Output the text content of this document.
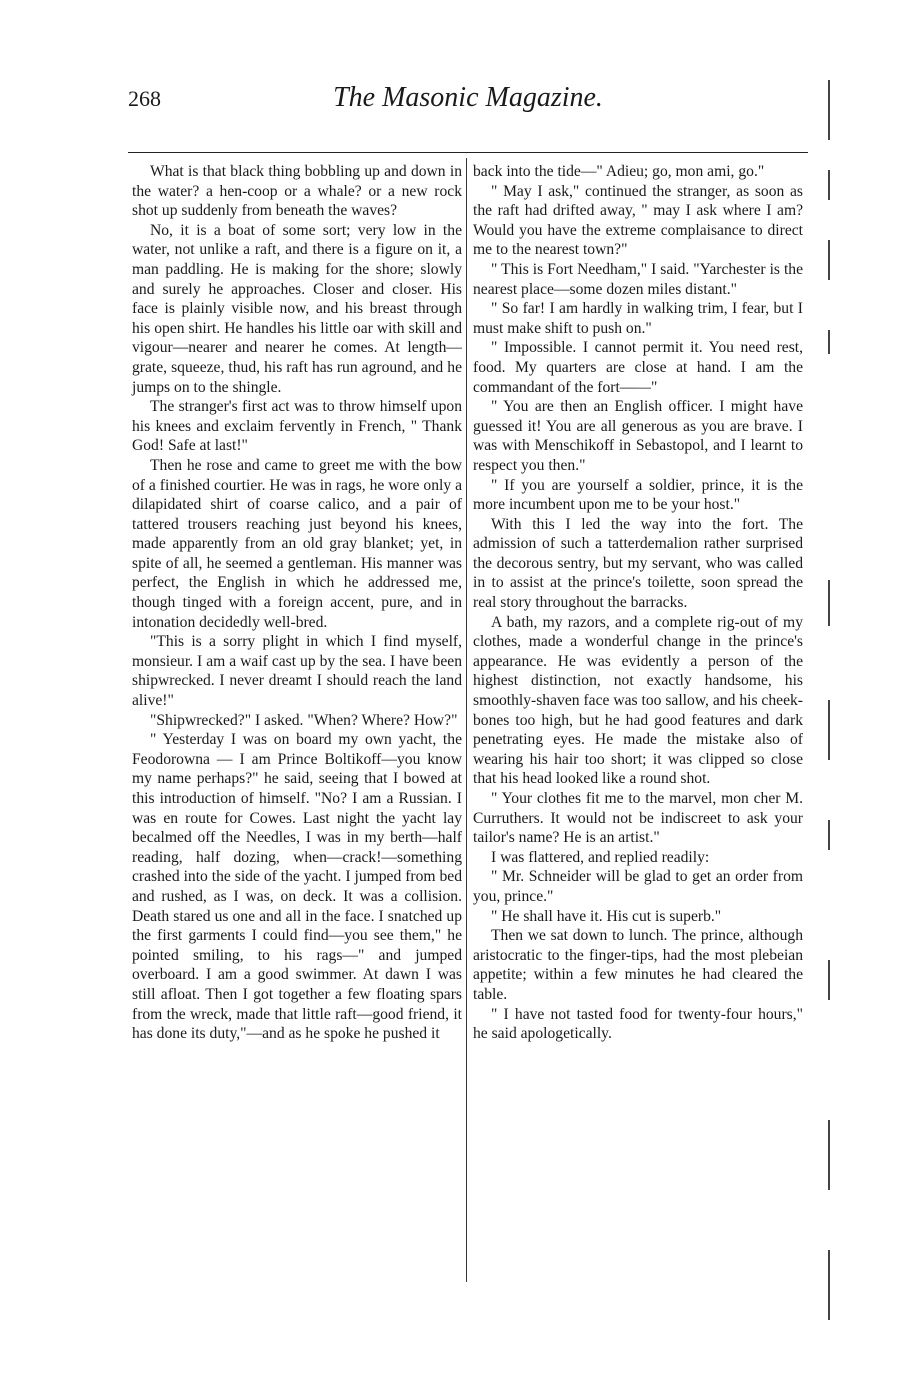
268	The Masonic Magazine.

What is that black thing bobbling up and down in the water? a hen-coop or a whale? or a new rock shot up suddenly from beneath the waves?

No, it is a boat of some sort; very low in the water, not unlike a raft, and there is a figure on it, a man paddling. He is making for the shore; slowly and surely he approaches. Closer and closer. His face is plainly visible now, and his breast through his open shirt. He handles his little oar with skill and vigour—nearer and nearer he comes. At length—grate, squeeze, thud, his raft has run aground, and he jumps on to the shingle.

The stranger's first act was to throw himself upon his knees and exclaim fervently in French, " Thank God! Safe at last!"

Then he rose and came to greet me with the bow of a finished courtier. He was in rags, he wore only a dilapidated shirt of coarse calico, and a pair of tattered trousers reaching just beyond his knees, made apparently from an old gray blanket; yet, in spite of all, he seemed a gentleman. His manner was perfect, the English in which he addressed me, though tinged with a foreign accent, pure, and in intonation decidedly well-bred.

"This is a sorry plight in which I find myself, monsieur. I am a waif cast up by the sea. I have been shipwrecked. I never dreamt I should reach the land alive!"

"Shipwrecked?" I asked. "When? Where? How?"

" Yesterday I was on board my own yacht, the Feodorowna — I am Prince Boltikoff—you know my name perhaps?" he said, seeing that I bowed at this introduction of himself. "No? I am a Russian. I was en route for Cowes. Last night the yacht lay becalmed off the Needles, I was in my berth—half reading, half dozing, when—crack!—something crashed into the side of the yacht. I jumped from bed and rushed, as I was, on deck. It was a collision. Death stared us one and all in the face. I snatched up the first garments I could find—you see them," he pointed smiling, to his rags—" and jumped overboard. I am a good swimmer. At dawn I was still afloat. Then I got together a few floating spars from the wreck, made that little raft—good friend, it has done its duty,"—and as he spoke he pushed it

back into the tide—" Adieu; go, mon ami, go."

" May I ask," continued the stranger, as soon as the raft had drifted away, " may I ask where I am? Would you have the extreme complaisance to direct me to the nearest town?"

" This is Fort Needham," I said. "Yarchester is the nearest place—some dozen miles distant."

" So far! I am hardly in walking trim, I fear, but I must make shift to push on."

" Impossible. I cannot permit it. You need rest, food. My quarters are close at hand. I am the commandant of the fort——"

" You are then an English officer. I might have guessed it! You are all generous as you are brave. I was with Menschikoff in Sebastopol, and I learnt to respect you then."

" If you are yourself a soldier, prince, it is the more incumbent upon me to be your host."

With this I led the way into the fort. The admission of such a tatterdemalion rather surprised the decorous sentry, but my servant, who was called in to assist at the prince's toilette, soon spread the real story throughout the barracks.

A bath, my razors, and a complete rig-out of my clothes, made a wonderful change in the prince's appearance. He was evidently a person of the highest distinction, not exactly handsome, his smoothly-shaven face was too sallow, and his cheek-bones too high, but he had good features and dark penetrating eyes. He made the mistake also of wearing his hair too short; it was clipped so close that his head looked like a round shot.

" Your clothes fit me to the marvel, mon cher M. Curruthers. It would not be indiscreet to ask your tailor's name? He is an artist."

I was flattered, and replied readily:

" Mr. Schneider will be glad to get an order from you, prince."

" He shall have it. His cut is superb."

Then we sat down to lunch. The prince, although aristocratic to the finger-tips, had the most plebeian appetite; within a few minutes he had cleared the table.

" I have not tasted food for twenty-four hours," he said apologetically.
